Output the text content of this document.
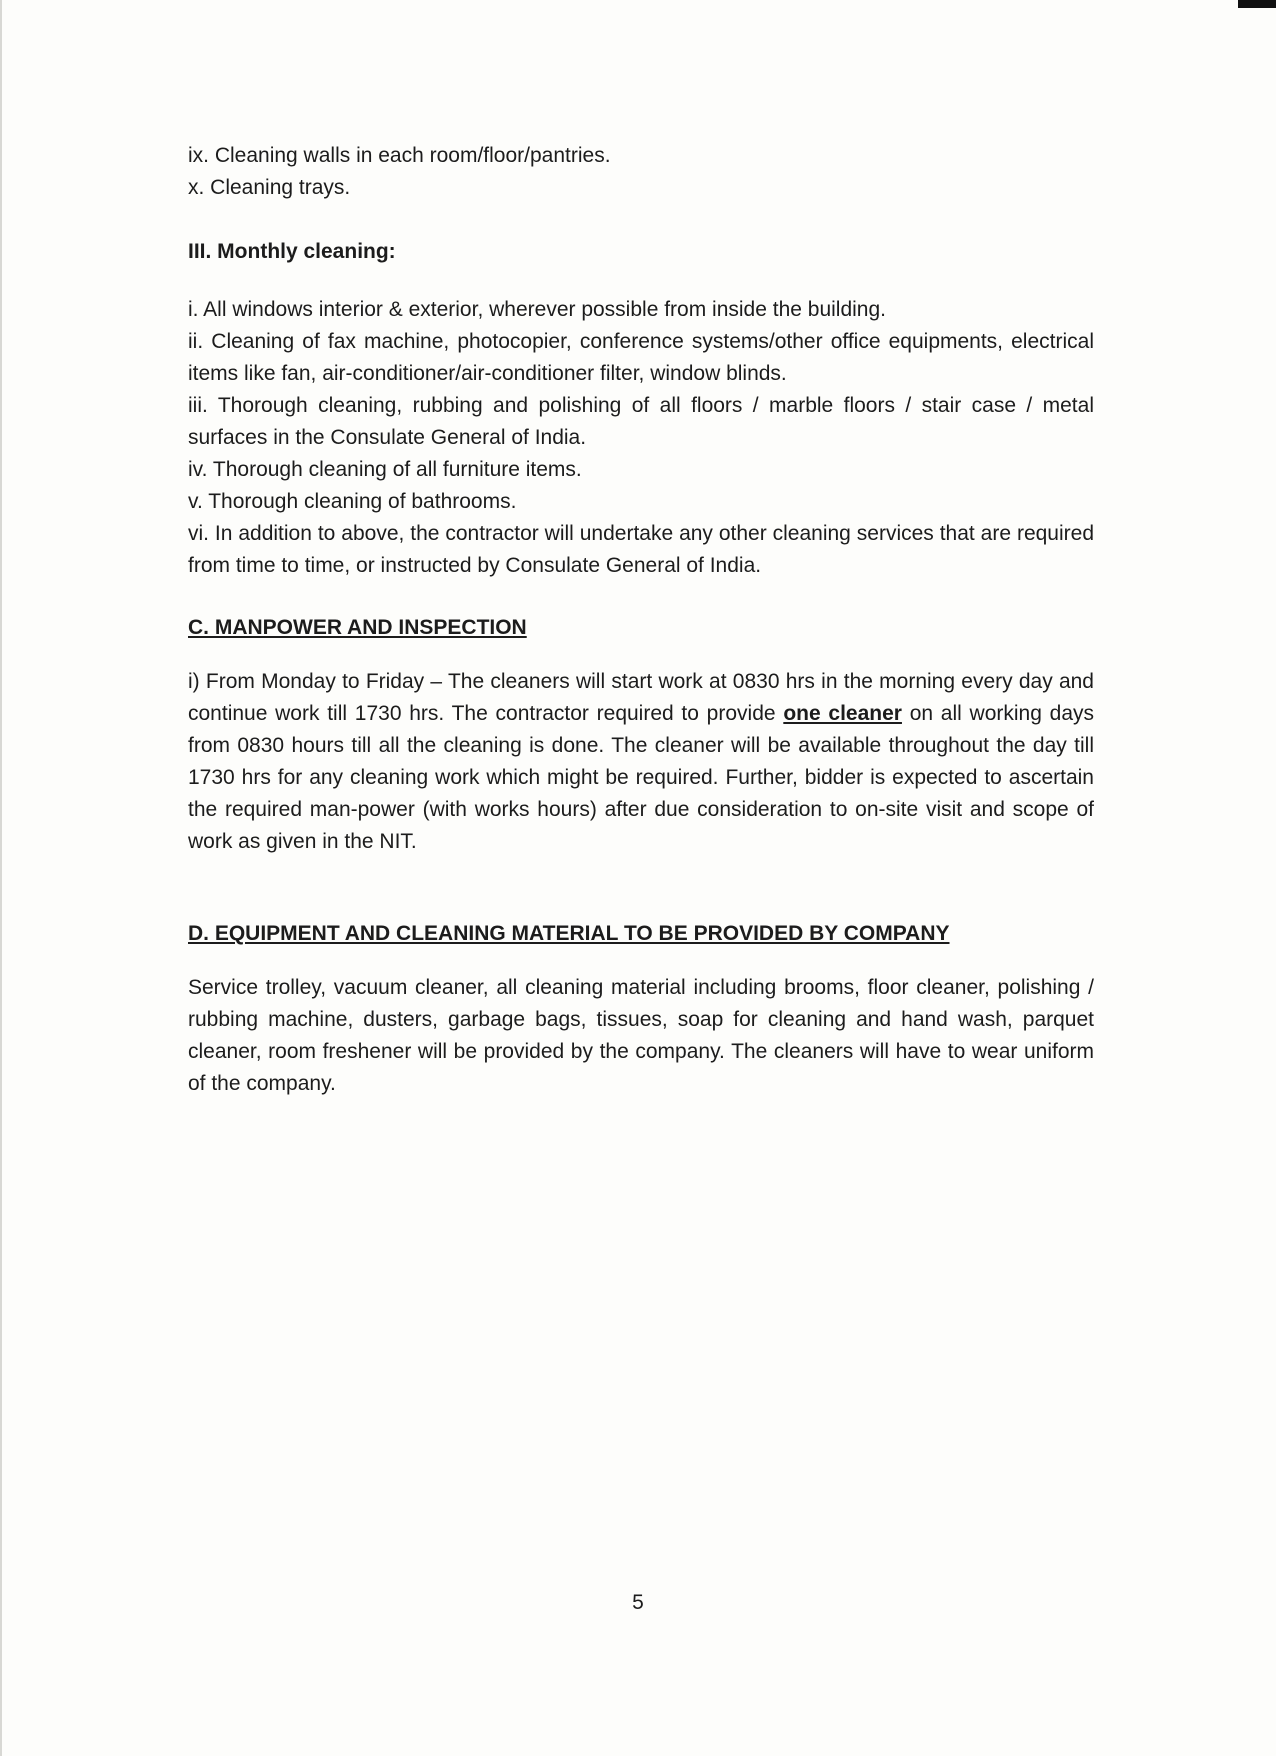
ix. Cleaning walls in each room/floor/pantries.

x. Cleaning trays.

III. Monthly cleaning:

i. All windows interior & exterior, wherever possible from inside the building.

ii. Cleaning of fax machine, photocopier, conference systems/other office equipments, electrical items like fan, air-conditioner/air-conditioner filter, window blinds.

iii. Thorough cleaning, rubbing and polishing of all floors / marble floors / stair case / metal surfaces in the Consulate General of India.

iv. Thorough cleaning of all furniture items.

v. Thorough cleaning of bathrooms.

vi. In addition to above, the contractor will undertake any other cleaning services that are required from time to time, or instructed by Consulate General of India.

C. MANPOWER AND INSPECTION

i) From Monday to Friday – The cleaners will start work at 0830 hrs in the morning every day and continue work till 1730 hrs. The contractor required to provide one cleaner on all working days from 0830 hours till all the cleaning is done. The cleaner will be available throughout the day till 1730 hrs for any cleaning work which might be required. Further, bidder is expected to ascertain the required man-power (with works hours) after due consideration to on-site visit and scope of work as given in the NIT.

D. EQUIPMENT AND CLEANING MATERIAL TO BE PROVIDED BY COMPANY

Service trolley, vacuum cleaner, all cleaning material including brooms, floor cleaner, polishing / rubbing machine, dusters, garbage bags, tissues, soap for cleaning and hand wash, parquet cleaner, room freshener will be provided by the company. The cleaners will have to wear uniform of the company.

5
